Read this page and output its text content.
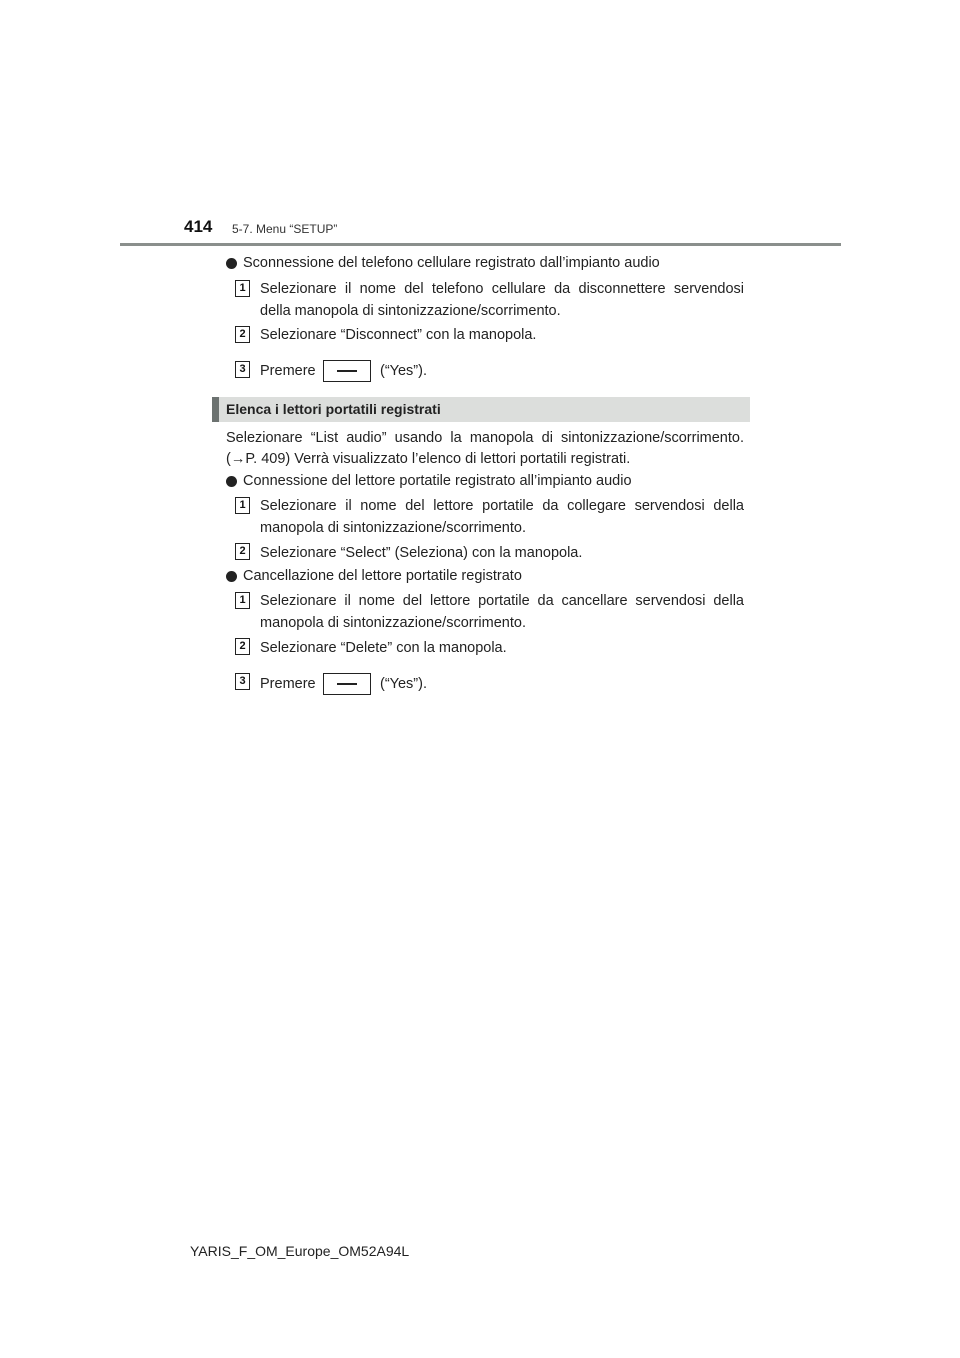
414 5-7. Menu “SETUP”
Sconnessione del telefono cellulare registrato dall’impianto audio
1 Selezionare il nome del telefono cellulare da disconnettere servendosi
della manopola di sintonizzazione/scorrimento.
2 Selezionare “Disconnect” con la manopola.
3 Premere	(“Yes”).
Elenca i lettori portatili registrati
Selezionare “List audio” usando la manopola di sintonizzazione/scorrimento.
(→P. 409) Verrà visualizzato l’elenco di lettori portatili registrati.
Connessione del lettore portatile registrato all’impianto audio
1 Selezionare il nome del lettore portatile da collegare servendosi della
manopola di sintonizzazione/scorrimento.
2 Selezionare “Select” (Seleziona) con la manopola.
Cancellazione del lettore portatile registrato
1 Selezionare il nome del lettore portatile da cancellare servendosi della
manopola di sintonizzazione/scorrimento.
2 Selezionare “Delete” con la manopola.
3 Premere	(“Yes”).
YARIS_F_OM_Europe_OM52A94L
